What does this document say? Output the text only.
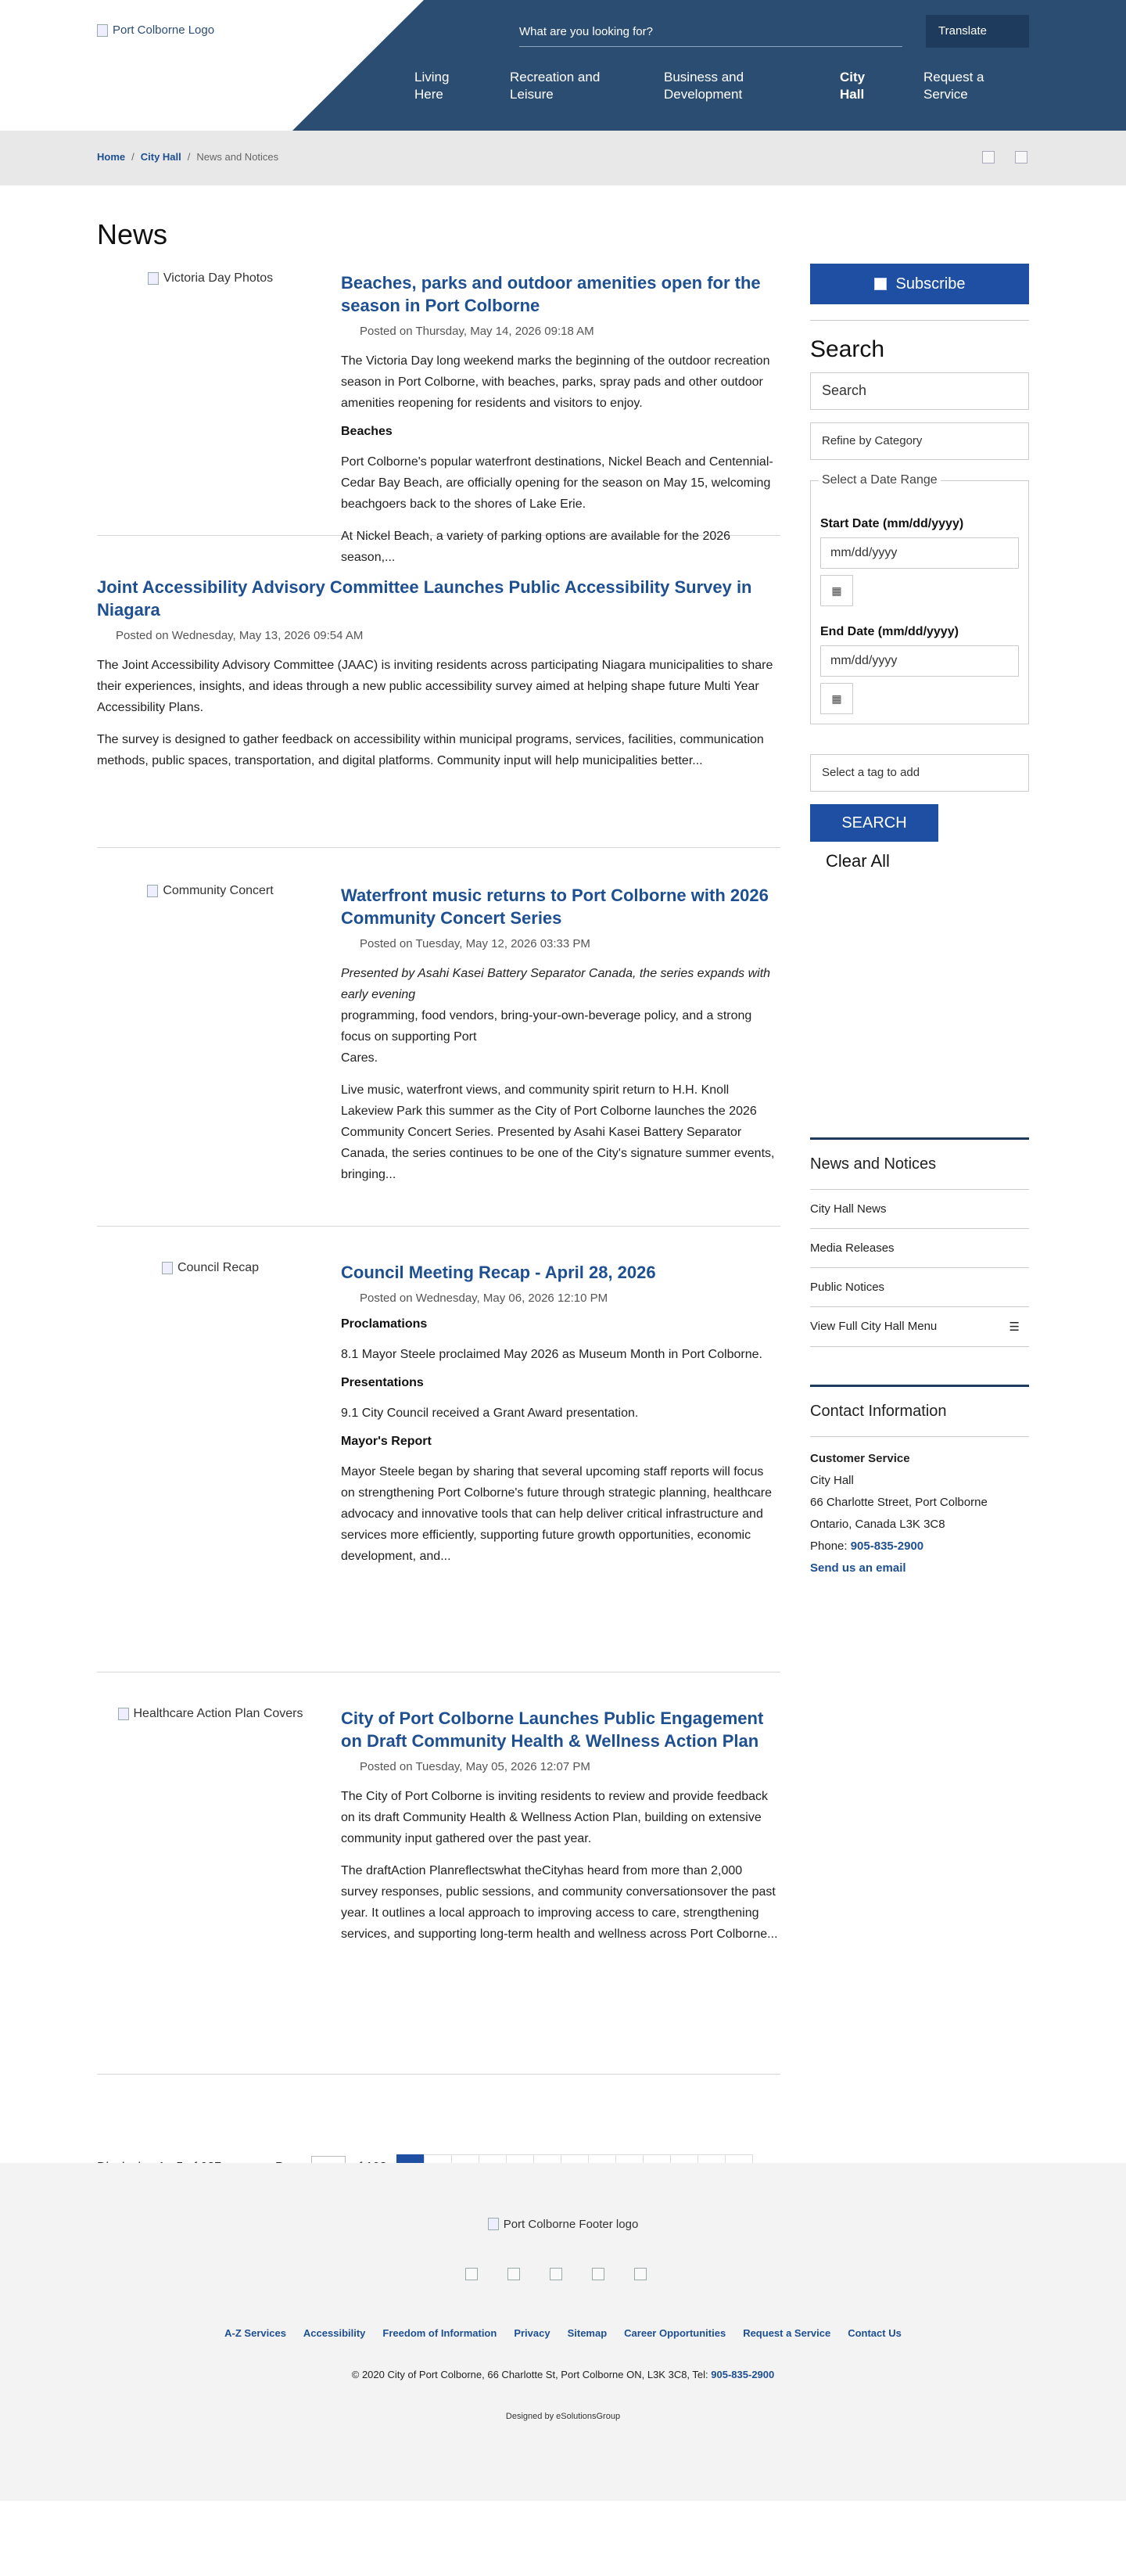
Port Colborne Logo	What are you looking for?	Translate
Living
Here
Recreation and
Leisure
Business and
Development
City
Hall
Request a
Service
Home / City Hall / News and Notices
News
Victoria Day Photos	Beaches, parks and outdoor amenities open for the season in Port Colborne
Posted on Thursday, May 14, 2026 09:18 AM

The Victoria Day long weekend marks the beginning of the outdoor recreation season in Port Colborne, with beaches, parks, spray pads and other outdoor amenities reopening for residents and visitors to enjoy.

Beaches

Port Colborne's popular waterfront destinations, Nickel Beach and Centennial-Cedar Bay Beach, are officially opening for the season on May 15, welcoming beachgoers back to the shores of Lake Erie.

At Nickel Beach, a variety of parking options are available for the 2026 season,...

Joint Accessibility Advisory Committee Launches Public Accessibility Survey in Niagara
Posted on Wednesday, May 13, 2026 09:54 AM

The Joint Accessibility Advisory Committee (JAAC) is inviting residents across participating Niagara municipalities to share their experiences, insights, and ideas through a new public accessibility survey aimed at helping shape future Multi Year Accessibility Plans.

The survey is designed to gather feedback on accessibility within municipal programs, services, facilities, communication methods, public spaces, transportation, and digital platforms. Community input will help municipalities better...

Community Concert	Waterfront music returns to Port Colborne with 2026 Community Concert Series
Posted on Tuesday, May 12, 2026 03:33 PM

Presented by Asahi Kasei Battery Separator Canada, the series expands with early evening

programming, food vendors, bring-your-own-beverage policy, and a strong focus on supporting Port

Cares.

Live music, waterfront views, and community spirit return to H.H. Knoll Lakeview Park this summer as the City of Port Colborne launches the 2026 Community Concert Series. Presented by Asahi Kasei Battery Separator Canada, the series continues to be one of the City's signature summer events, bringing...

Council Recap	Council Meeting Recap - April 28, 2026
Posted on Wednesday, May 06, 2026 12:10 PM

Proclamations

8.1 Mayor Steele proclaimed May 2026 as Museum Month in Port Colborne.

Presentations

9.1 City Council received a Grant Award presentation.

Mayor's Report

Mayor Steele began by sharing that several upcoming staff reports will focus on strengthening Port Colborne's future through strategic planning, healthcare advocacy and innovative tools that can help deliver critical infrastructure and services more efficiently, supporting future growth opportunities, economic development, and...

Healthcare Action Plan Covers City of Port Colborne Launches Public Engagement on Draft Community Health & Wellness Action Plan
Posted on Tuesday, May 05, 2026 12:07 PM

The City of Port Colborne is inviting residents to review and provide feedback on its draft Community Health & Wellness Action Plan, building on extensive community input gathered over the past year.

The draftAction Planreflectswhat theCityhas heard from more than 2,000 survey responses, public sessions, and community conversationsover the past year. It outlines a local approach to improving access to care, strengthening services, and supporting long-term health and wellness across Port Colborne...

Subscribe
Search
Search
Refine by Category
Select a Date Range
Start Date (mm/dd/yyyy)
mm/dd/yyyy
▦
End Date (mm/dd/yyyy)
mm/dd/yyyy
▦
Select a tag to add
SEARCH
Clear All
News and Notices
City Hall News
Media Releases
Public Notices
View Full City Hall Menu	☰
Contact Information
Customer Service
City Hall
66 Charlotte Street, Port Colborne
Ontario, Canada L3K 3C8
Phone: 905-835-2900
Send us an email
Port Colborne Footer logo
A-Z Services Accessibility Freedom of Information Privacy Sitemap Career Opportunities Request a Service Contact Us
© 2020 City of Port Colborne, 66 Charlotte St, Port Colborne ON, L3K 3C8, Tel: 905-835-2900
Designed by eSolutionsGroup
